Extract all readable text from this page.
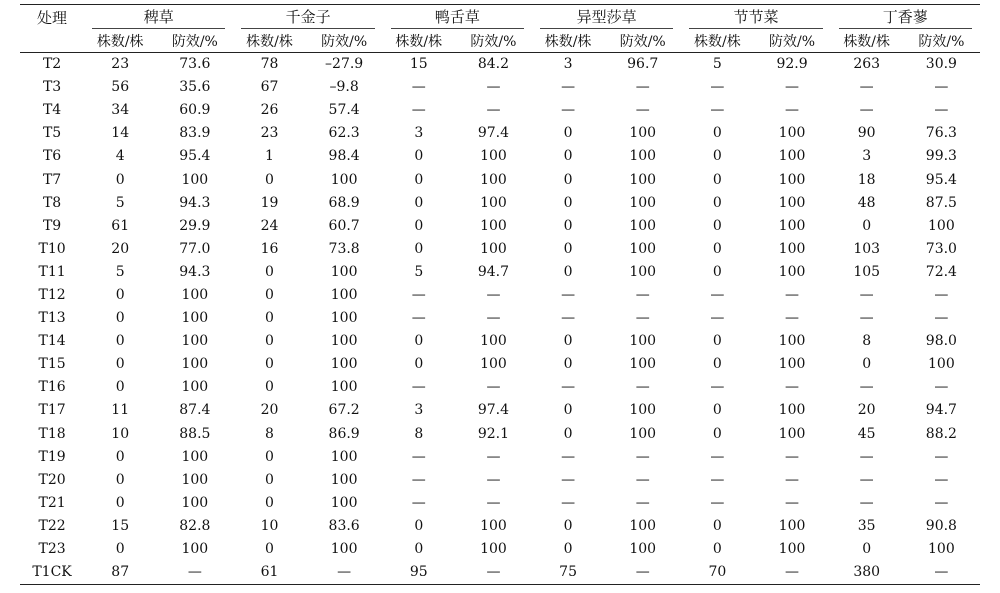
处理	稗草		千金子		鸭舌草		异型莎草		节节菜		丁香蓼	

	株数/株	防效/%	株数/株	防效/%	株数/株	防效/%	株数/株	防效/%	株数/株	防效/%	株数/株	防效/%
T2	23	73.6	78	–27.9	15	84.2	3	96.7	5	92.9	263	30.9
T3	56	35.6	67	–9.8	—	—	—	—	—	—	—	—
T4	34	60.9	26	57.4	—	—	—	—	—	—	—	—
T5	14	83.9	23	62.3	3	97.4	0	100	0	100	90	76.3
T6	4	95.4	1	98.4	0	100	0	100	0	100	3	99.3
T7	0	100	0	100	0	100	0	100	0	100	18	95.4
T8	5	94.3	19	68.9	0	100	0	100	0	100	48	87.5
T9	61	29.9	24	60.7	0	100	0	100	0	100	0	100
T10	20	77.0	16	73.8	0	100	0	100	0	100	103	73.0
T11	5	94.3	0	100	5	94.7	0	100	0	100	105	72.4
T12	0	100	0	100	—	—	—	—	—	—	—	—
T13	0	100	0	100	—	—	—	—	—	—	—	—
T14	0	100	0	100	0	100	0	100	0	100	8	98.0
T15	0	100	0	100	0	100	0	100	0	100	0	100
T16	0	100	0	100	—	—	—	—	—	—	—	—
T17	11	87.4	20	67.2	3	97.4	0	100	0	100	20	94.7
T18	10	88.5	8	86.9	8	92.1	0	100	0	100	45	88.2
T19	0	100	0	100	—	—	—	—	—	—	—	—
T20	0	100	0	100	—	—	—	—	—	—	—	—
T21	0	100	0	100	—	—	—	—	—	—	—	—
T22	15	82.8	10	83.6	0	100	0	100	0	100	35	90.8
T23	0	100	0	100	0	100	0	100	0	100	0	100
T1CK	87	—	61	—	95	—	75	—	70	—	380	—
